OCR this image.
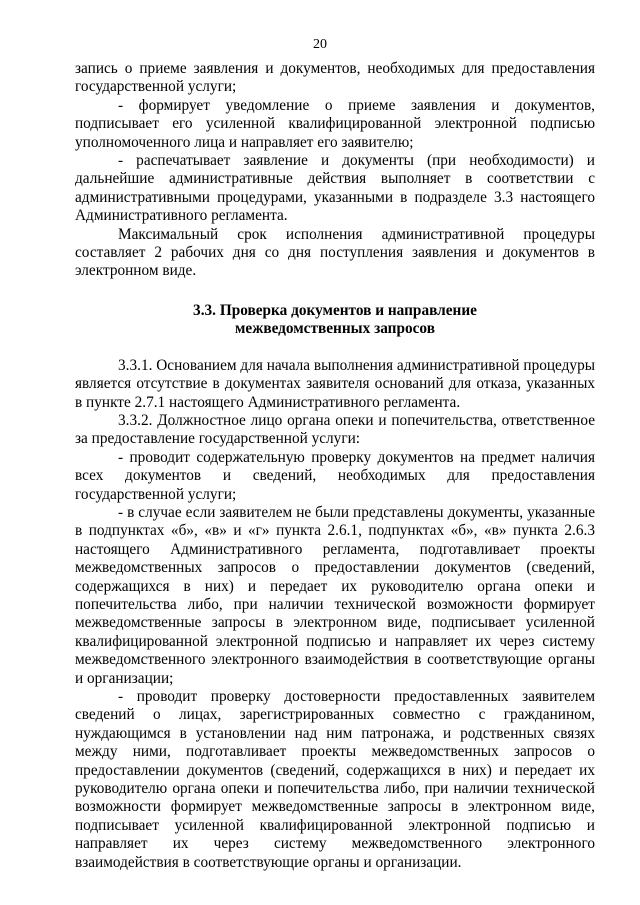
20

запись о приеме заявления и документов, необходимых для предоставления государственной услуги;

- формирует уведомление о приеме заявления и документов, подписывает его усиленной квалифицированной электронной подписью уполномоченного лица и направляет его заявителю;

- распечатывает заявление и документы (при необходимости) и дальнейшие административные действия выполняет в соответствии с административными процедурами, указанными в подразделе 3.3 настоящего Административного регламента.

Максимальный срок исполнения административной процедуры составляет 2 рабочих дня со дня поступления заявления и документов в электронном виде.

3.3. Проверка документов и направление

межведомственных запросов

3.3.1. Основанием для начала выполнения административной процедуры является отсутствие в документах заявителя оснований для отказа, указанных в пункте 2.7.1 настоящего Административного регламента.

3.3.2. Должностное лицо органа опеки и попечительства, ответственное за предоставление государственной услуги:

- проводит содержательную проверку документов на предмет наличия всех документов и сведений, необходимых для предоставления государственной услуги;

- в случае если заявителем не были представлены документы, указанные в подпунктах «б», «в» и «г» пункта 2.6.1, подпунктах «б», «в» пункта 2.6.3 настоящего Административного регламента, подготавливает проекты межведомственных запросов о предоставлении документов (сведений, содержащихся в них) и передает их руководителю органа опеки и попечительства либо, при наличии технической возможности формирует межведомственные запросы в электронном виде, подписывает усиленной квалифицированной электронной подписью и направляет их через систему межведомственного электронного взаимодействия в соответствующие органы и организации;

- проводит проверку достоверности предоставленных заявителем сведений о лицах, зарегистрированных совместно с гражданином, нуждающимся в установлении над ним патронажа, и родственных связях между ними, подготавливает проекты межведомственных запросов о предоставлении документов (сведений, содержащихся в них) и передает их руководителю органа опеки и попечительства либо, при наличии технической возможности формирует межведомственные запросы в электронном виде, подписывает усиленной квалифицированной электронной подписью и направляет их через систему межведомственного электронного взаимодействия в соответствующие органы и организации.
